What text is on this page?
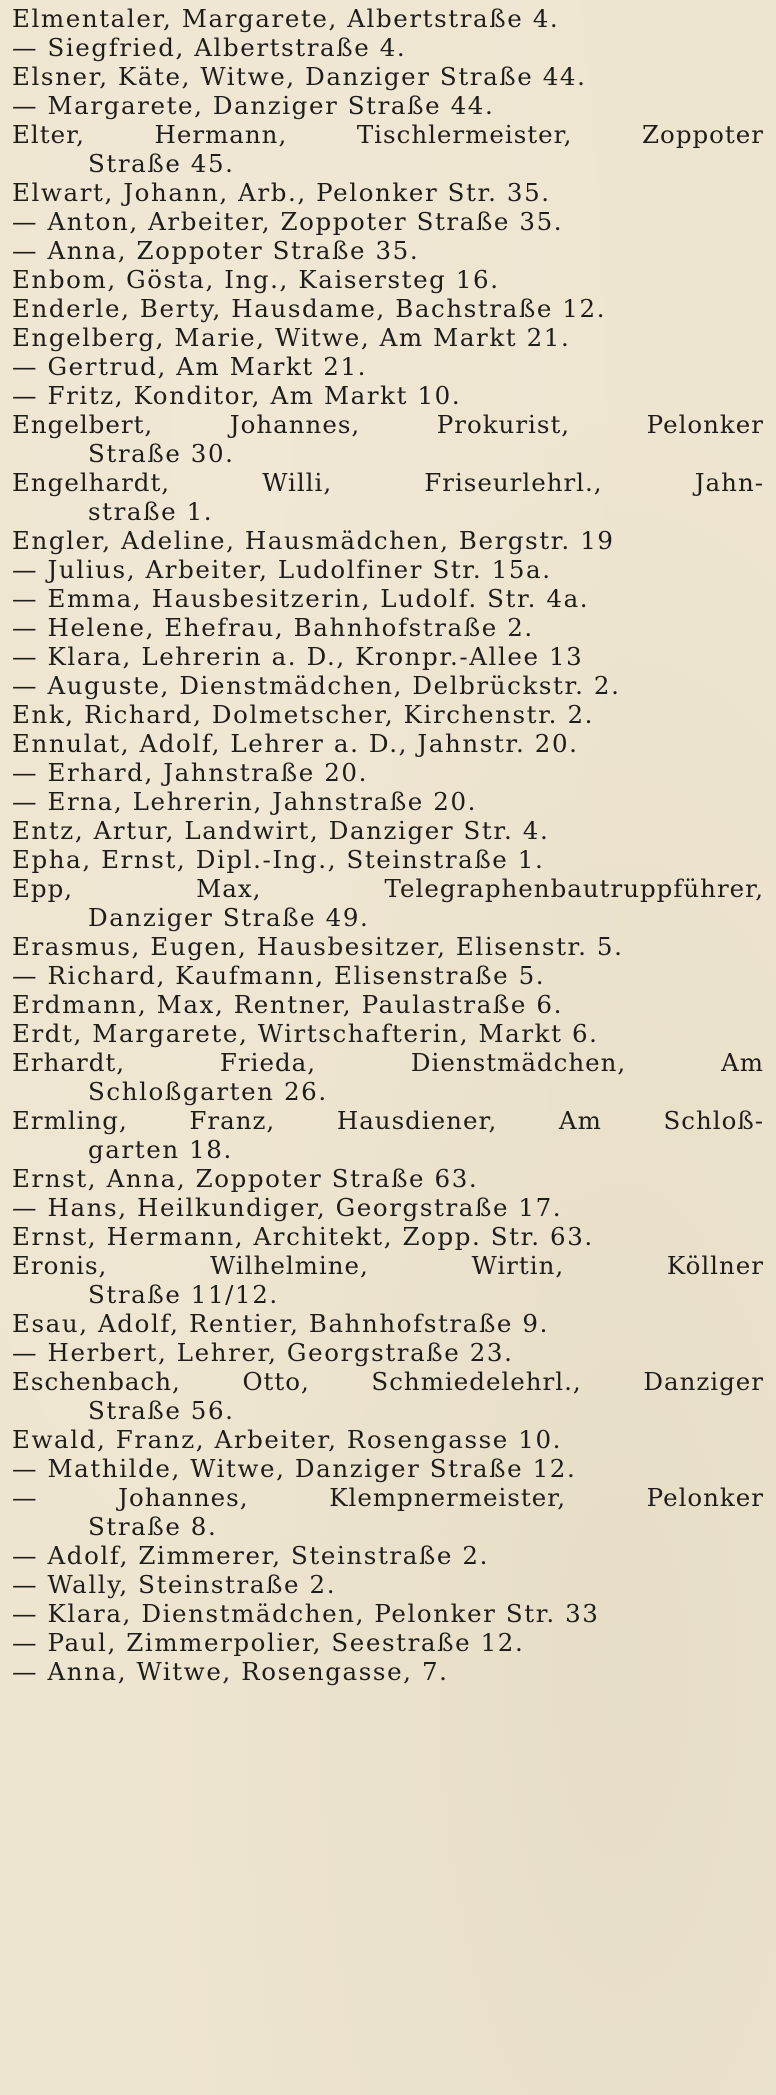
Elmentaler, Margarete, Albertstraße 4.
— Siegfried, Albertstraße 4.
Elsner, Käte, Witwe, Danziger Straße 44.
— Margarete, Danziger Straße 44.
Elter, Hermann, Tischlermeister, Zoppoter
Straße 45.
Elwart, Johann, Arb., Pelonker Str. 35.
— Anton, Arbeiter, Zoppoter Straße 35.
— Anna, Zoppoter Straße 35.
Enbom, Gösta, Ing., Kaisersteg 16.
Enderle, Berty, Hausdame, Bachstraße 12.
Engelberg, Marie, Witwe, Am Markt 21.
— Gertrud, Am Markt 21.
— Fritz, Konditor, Am Markt 10.
Engelbert, Johannes, Prokurist, Pelonker
Straße 30.
Engelhardt, Willi, Friseurlehrl., Jahn-
straße 1.
Engler, Adeline, Hausmädchen, Bergstr. 19
— Julius, Arbeiter, Ludolfiner Str. 15a.
— Emma, Hausbesitzerin, Ludolf. Str. 4a.
— Helene, Ehefrau, Bahnhofstraße 2.
— Klara, Lehrerin a. D., Kronpr.-Allee 13
— Auguste, Dienstmädchen, Delbrückstr. 2.
Enk, Richard, Dolmetscher, Kirchenstr. 2.
Ennulat, Adolf, Lehrer a. D., Jahnstr. 20.
— Erhard, Jahnstraße 20.
— Erna, Lehrerin, Jahnstraße 20.
Entz, Artur, Landwirt, Danziger Str. 4.
Epha, Ernst, Dipl.-Ing., Steinstraße 1.
Epp, Max, Telegraphenbautruppführer,
Danziger Straße 49.
Erasmus, Eugen, Hausbesitzer, Elisenstr. 5.
— Richard, Kaufmann, Elisenstraße 5.
Erdmann, Max, Rentner, Paulastraße 6.
Erdt, Margarete, Wirtschafterin, Markt 6.
Erhardt, Frieda, Dienstmädchen, Am
Schloßgarten 26.
Ermling, Franz, Hausdiener, Am Schloß-
garten 18.
Ernst, Anna, Zoppoter Straße 63.
— Hans, Heilkundiger, Georgstraße 17.
Ernst, Hermann, Architekt, Zopp. Str. 63.
Eronis, Wilhelmine, Wirtin, Köllner
Straße 11/12.
Esau, Adolf, Rentier, Bahnhofstraße 9.
— Herbert, Lehrer, Georgstraße 23.
Eschenbach, Otto, Schmiedelehrl., Danziger
Straße 56.
Ewald, Franz, Arbeiter, Rosengasse 10.
— Mathilde, Witwe, Danziger Straße 12.
— Johannes, Klempnermeister, Pelonker
Straße 8.
— Adolf, Zimmerer, Steinstraße 2.
— Wally, Steinstraße 2.
— Klara, Dienstmädchen, Pelonker Str. 33
— Paul, Zimmerpolier, Seestraße 12.
— Anna, Witwe, Rosengasse, 7.
